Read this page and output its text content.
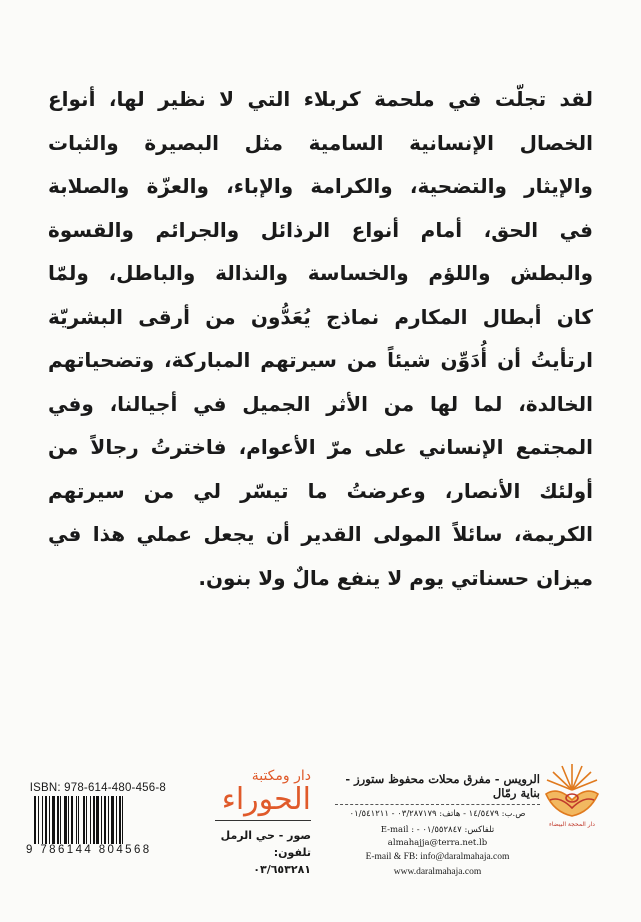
لقد تجلّت في ملحمة كربلاء التي لا نظير لها، أنواع
الخصال الإنسانية السامية مثل البصيرة والثبات
والإيثار والتضحية، والكرامة والإباء، والعزّة والصلابة
في الحق، أمام أنواع الرذائل والجرائم والقسوة
والبطش واللؤم والخساسة والنذالة والباطل، ولمّا
كان أبطال المكارم نماذج يُعَدُّون من أرقى البشريّة
ارتأيتُ أن أُدَوِّن شيئاً من سيرتهم المباركة، وتضحياتهم
الخالدة، لما لها من الأثر الجميل في أجيالنا، وفي
المجتمع الإنساني على مرّ الأعوام، فاخترتُ رجالاً من
أولئك الأنصار، وعرضتُ ما تيسّر لي من سيرتهم
الكريمة، سائلاً المولى القدير أن يجعل عملي هذا في
ميزان حسناتي يوم لا ينفع مالٌ ولا بنون.
ISBN: 978-614-480-456-8
9 786144 804568
دار ومكتبة
الحوراء
صور - حي الرمل
تلفون: ٠٣/٦٥٣٢٨١
الرويس - مفرق محلات محفوظ ستورز - بناية رمّال
ص.ب: ١٤/٥٤٧٩ - هاتف: ٠٣/٢٨٧١٧٩ - ٠١/٥٤١٢١١
تلفاكس: ٠١/٥٥٢٨٤٧ - E-mail : almahajja@terra.net.lb
E-mail & FB: info@daralmahaja.com
www.daralmahaja.com
دار المحجة البيضاء
